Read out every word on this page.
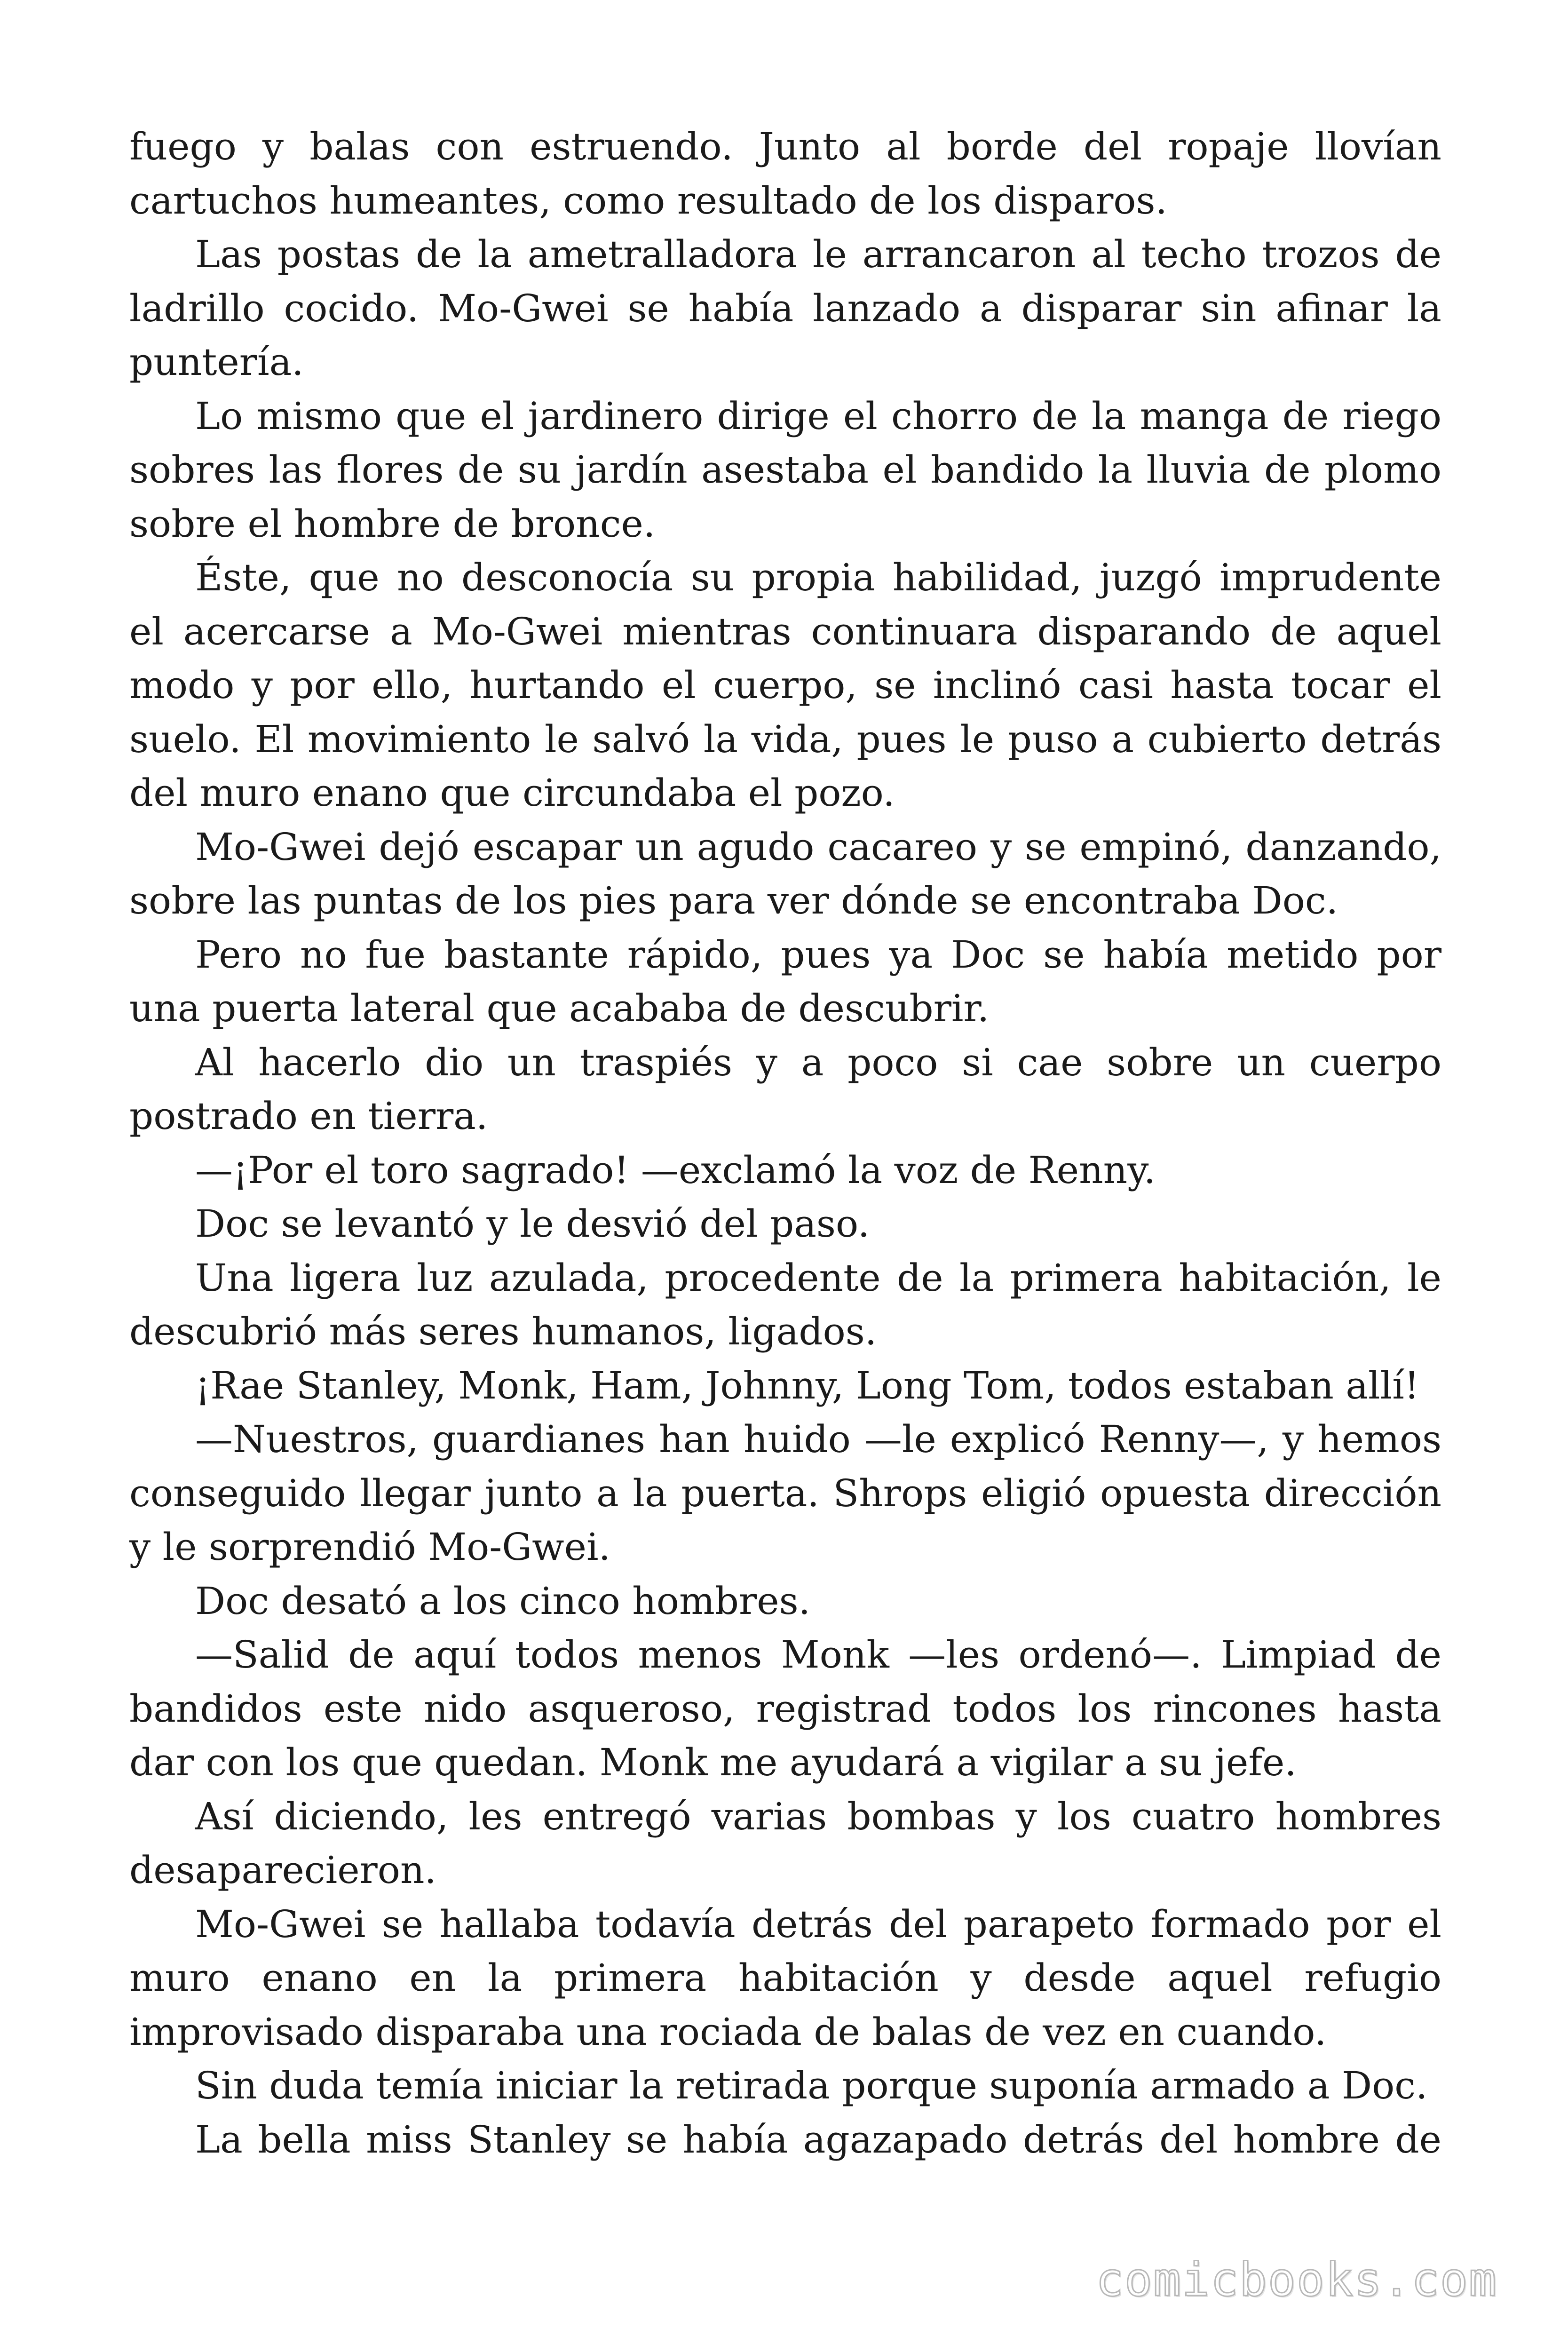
fuego y balas con estruendo. Junto al borde del ropaje llovían cartuchos humeantes, como resultado de los disparos.

Las postas de la ametralladora le arrancaron al techo trozos de ladrillo cocido. Mo-Gwei se había lanzado a disparar sin afinar la puntería.

Lo mismo que el jardinero dirige el chorro de la manga de riego sobres las flores de su jardín asestaba el bandido la lluvia de plomo sobre el hombre de bronce.

Éste, que no desconocía su propia habilidad, juzgó imprudente el acercarse a Mo-Gwei mientras continuara disparando de aquel modo y por ello, hurtando el cuerpo, se inclinó casi hasta tocar el suelo. El movimiento le salvó la vida, pues le puso a cubierto detrás del muro enano que circundaba el pozo.

Mo-Gwei dejó escapar un agudo cacareo y se empinó, danzando, sobre las puntas de los pies para ver dónde se encontraba Doc.

Pero no fue bastante rápido, pues ya Doc se había metido por una puerta lateral que acababa de descubrir.

Al hacerlo dio un traspiés y a poco si cae sobre un cuerpo postrado en tierra.

—¡Por el toro sagrado! —exclamó la voz de Renny.

Doc se levantó y le desvió del paso.

Una ligera luz azulada, procedente de la primera habitación, le descubrió más seres humanos, ligados.

¡Rae Stanley, Monk, Ham, Johnny, Long Tom, todos estaban allí!

—Nuestros, guardianes han huido —le explicó Renny—, y hemos conseguido llegar junto a la puerta. Shrops eligió opuesta dirección y le sorprendió Mo-Gwei.

Doc desató a los cinco hombres.

—Salid de aquí todos menos Monk —les ordenó—. Limpiad de bandidos este nido asqueroso, registrad todos los rincones hasta dar con los que quedan. Monk me ayudará a vigilar a su jefe.

Así diciendo, les entregó varias bombas y los cuatro hombres desaparecieron.

Mo-Gwei se hallaba todavía detrás del parapeto formado por el muro enano en la primera habitación y desde aquel refugio improvisado disparaba una rociada de balas de vez en cuando.

Sin duda temía iniciar la retirada porque suponía armado a Doc.

La bella miss Stanley se había agazapado detrás del hombre de

comicbooks.com
